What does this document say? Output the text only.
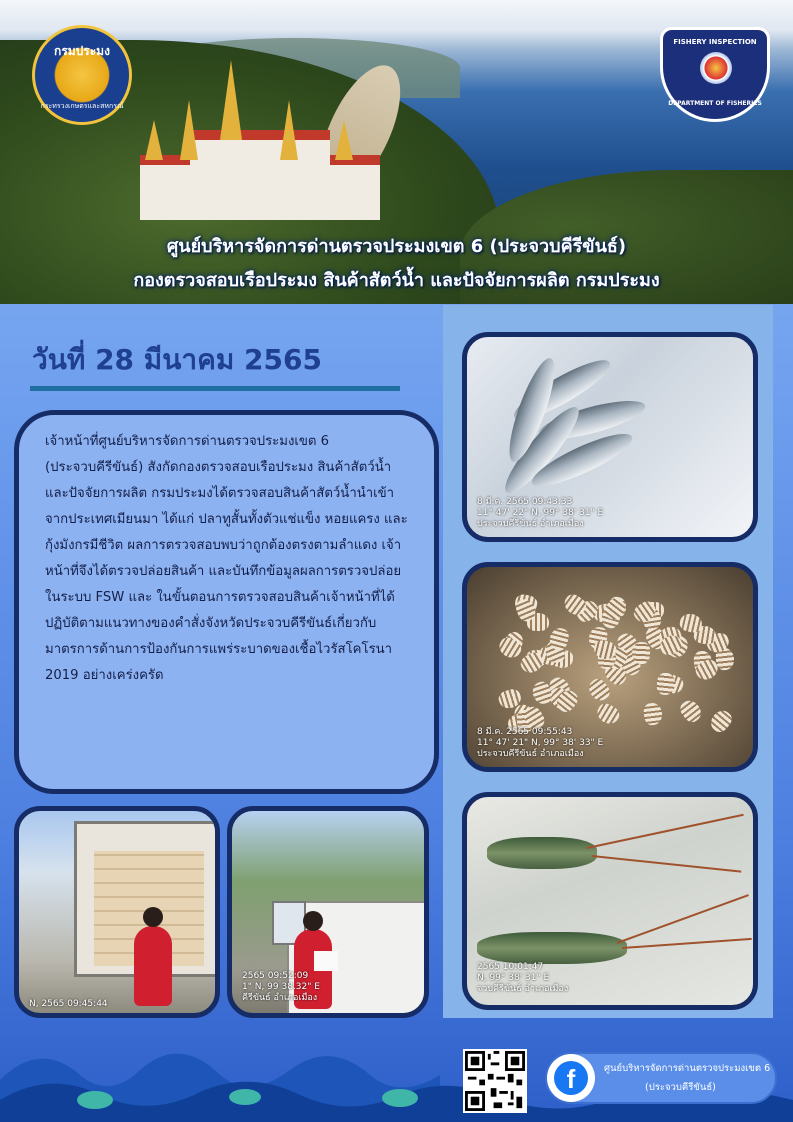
กรมประมง
กระทรวงเกษตรและสหกรณ์
FISHERY INSPECTION
DEPARTMENT OF FISHERIES
ศูนย์บริหารจัดการด่านตรวจประมงเขต 6 (ประจวบคีรีขันธ์)
กองตรวจสอบเรือประมง สินค้าสัตว์น้ำ และปัจจัยการผลิต กรมประมง
วันที่ 28 มีนาคม 2565

เจ้าหน้าที่ศูนย์บริหารจัดการด่านตรวจประมงเขต 6 (ประจวบคีรีขันธ์) สังกัดกองตรวจสอบเรือประมง สินค้าสัตว์น้ำ และปัจจัยการผลิต กรมประมงได้ตรวจสอบสินค้าสัตว์น้ำนำเข้า จากประเทศเมียนมา ได้แก่ ปลาทูสั้นทั้งตัวแช่แข็ง หอยแครง และกุ้งมังกรมีชีวิต ผลการตรวจสอบพบว่าถูกต้องตรงตามลำแดง เจ้าหน้าที่จึงได้ตรวจปล่อยสินค้า และบันทึกข้อมูลผลการตรวจปล่อยในระบบ FSW และ ในขั้นตอนการตรวจสอบสินค้าเจ้าหน้าที่ได้ปฏิบัติตามแนวทางของคำสั่งจังหวัดประจวบคีรีขันธ์เกี่ยวกับมาตรการด้านการป้องกันการแพร่ระบาดของเชื้อไวรัสโคโรนา 2019 อย่างเคร่งครัด

8 มี.ค. 2565 09:43:33
11° 47' 22" N, 99° 38' 31" E
ประจวบคีรีขันธ์ อำเภอเมือง
8 มี.ค. 2565 09:55:43
11° 47' 21" N, 99° 38' 33" E
ประจวบคีรีขันธ์ อำเภอเมือง
2565 10:01:47
N, 99° 38' 31" E
จวบคีรีขันธ์ อำเภอเมือง
N, 2565 09:45:44
2565 09:52:09
1" N, 99 38.32" E
คีรีขันธ์ อำเภอเมือง
f	ศูนย์บริหารจัดการด่านตรวจประมงเขต 6
(ประจวบคีรีขันธ์)
